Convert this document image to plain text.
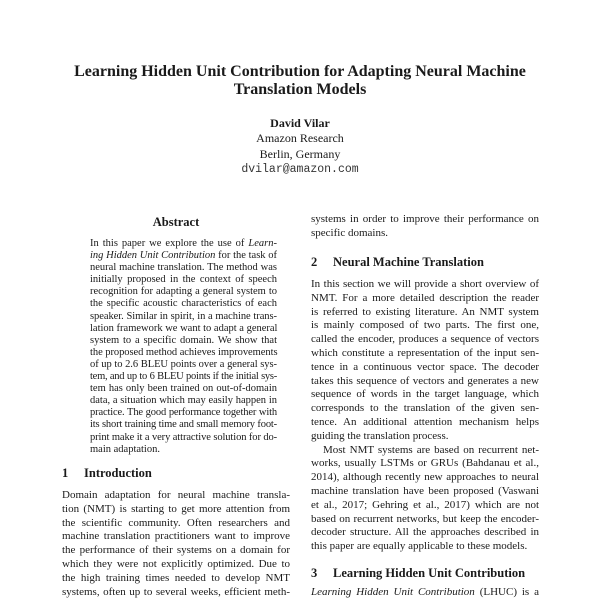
Learning Hidden Unit Contribution for Adapting Neural Machine
Translation Models
David Vilar
Amazon Research
Berlin, Germany
dvilar@amazon.com
Abstract
In this paper we explore the use of Learn-
ing Hidden Unit Contribution for the task of
neural machine translation. The method was
initially proposed in the context of speech
recognition for adapting a general system to
the specific acoustic characteristics of each
speaker. Similar in spirit, in a machine trans-
lation framework we want to adapt a general
system to a specific domain. We show that
the proposed method achieves improvements
of up to 2.6 BLEU points over a general sys-
tem, and up to 6 BLEU points if the initial sys-
tem has only been trained on out-of-domain
data, a situation which may easily happen in
practice. The good performance together with
its short training time and small memory foot-
print make it a very attractive solution for do-
main adaptation.
1 Introduction
Domain adaptation for neural machine transla-
tion (NMT) is starting to get more attention from
the scientific community. Often researchers and
machine translation practitioners want to improve
the performance of their systems on a domain for
which they were not explicitly optimized. Due to
the high training times needed to develop NMT
systems, often up to several weeks, efficient meth-
systems in order to improve their performance on
specific domains.
2 Neural Machine Translation
In this section we will provide a short overview of
NMT. For a more detailed description the reader
is referred to existing literature. An NMT system
is mainly composed of two parts. The first one,
called the encoder, produces a sequence of vectors
which constitute a representation of the input sen-
tence in a continuous vector space. The decoder
takes this sequence of vectors and generates a new
sequence of words in the target language, which
corresponds to the translation of the given sen-
tence. An additional attention mechanism helps
guiding the translation process.
Most NMT systems are based on recurrent net-
works, usually LSTMs or GRUs (Bahdanau et al.,
2014), although recently new approaches to neural
machine translation have been proposed (Vaswani
et al., 2017; Gehring et al., 2017) which are not
based on recurrent networks, but keep the encoder-
decoder structure. All the approaches described in
this paper are equally applicable to these models.
3 Learning Hidden Unit Contribution
Learning Hidden Unit Contribution (LHUC) is a
